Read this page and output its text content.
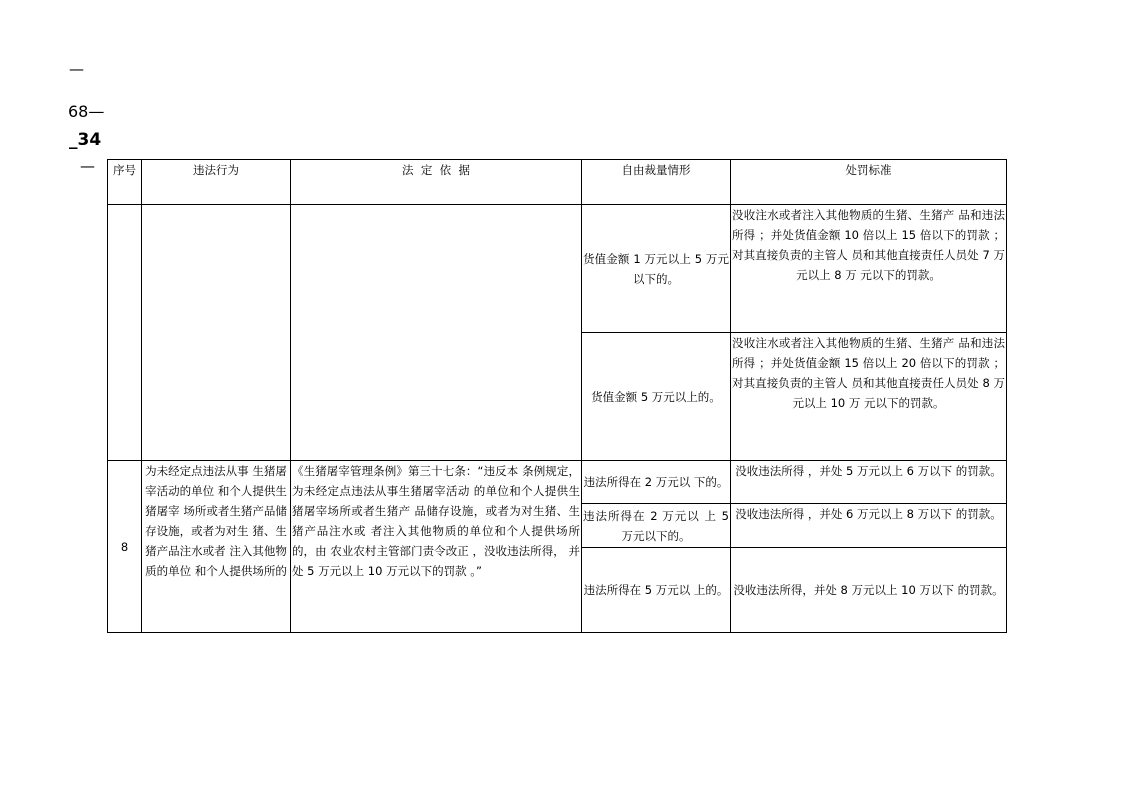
—
68—
_34
— 序号	违法行为	法  定  依  据	自由裁量情形	处罚标准
			货值金额 1 万元以上 5 万元以下的。	没收注水或者注入其他物质的生猪、生猪产 品和违法所得 ；并处货值金额 10 倍以上 15 倍以下的罚款 ；对其直接负责的主管人 员和其他直接责任人员处 7 万元以上 8 万 元以下的罚款。
			货值金额 5 万元以上的。	没收注水或者注入其他物质的生猪、生猪产 品和违法所得 ；并处货值金额 15 倍以上 20 倍以下的罚款 ；对其直接负责的主管人 员和其他直接责任人员处 8 万元以上 10 万 元以下的罚款。
8	为未经定点违法从事 生猪屠宰活动的单位 和个人提供生猪屠宰 场所或者生猪产品储 存设施，或者为对生 猪、生猪产品注水或者 注入其他物质的单位 和个人提供场所的	《生猪屠宰管理条例》第三十七条：“违反本 条例规定，为未经定点违法从事生猪屠宰活动 的单位和个人提供生猪屠宰场所或者生猪产 品储存设施，或者为对生猪、生猪产品注水或 者注入其他物质的单位和个人提供场所的，由 农业农村主管部门责令改正 ，没收违法所得， 并处 5 万元以上 10 万元以下的罚款 。”	违法所得在 2 万元以 下的。	没收违法所得 ，并处 5 万元以上 6 万以下 的罚款。
			违法所得在 2 万元以 上 5 万元以下的。	没收违法所得 ，并处 6 万元以上 8 万以下 的罚款。
			违法所得在 5 万元以 上的。	没收违法所得，并处 8 万元以上 10 万以下 的罚款。
